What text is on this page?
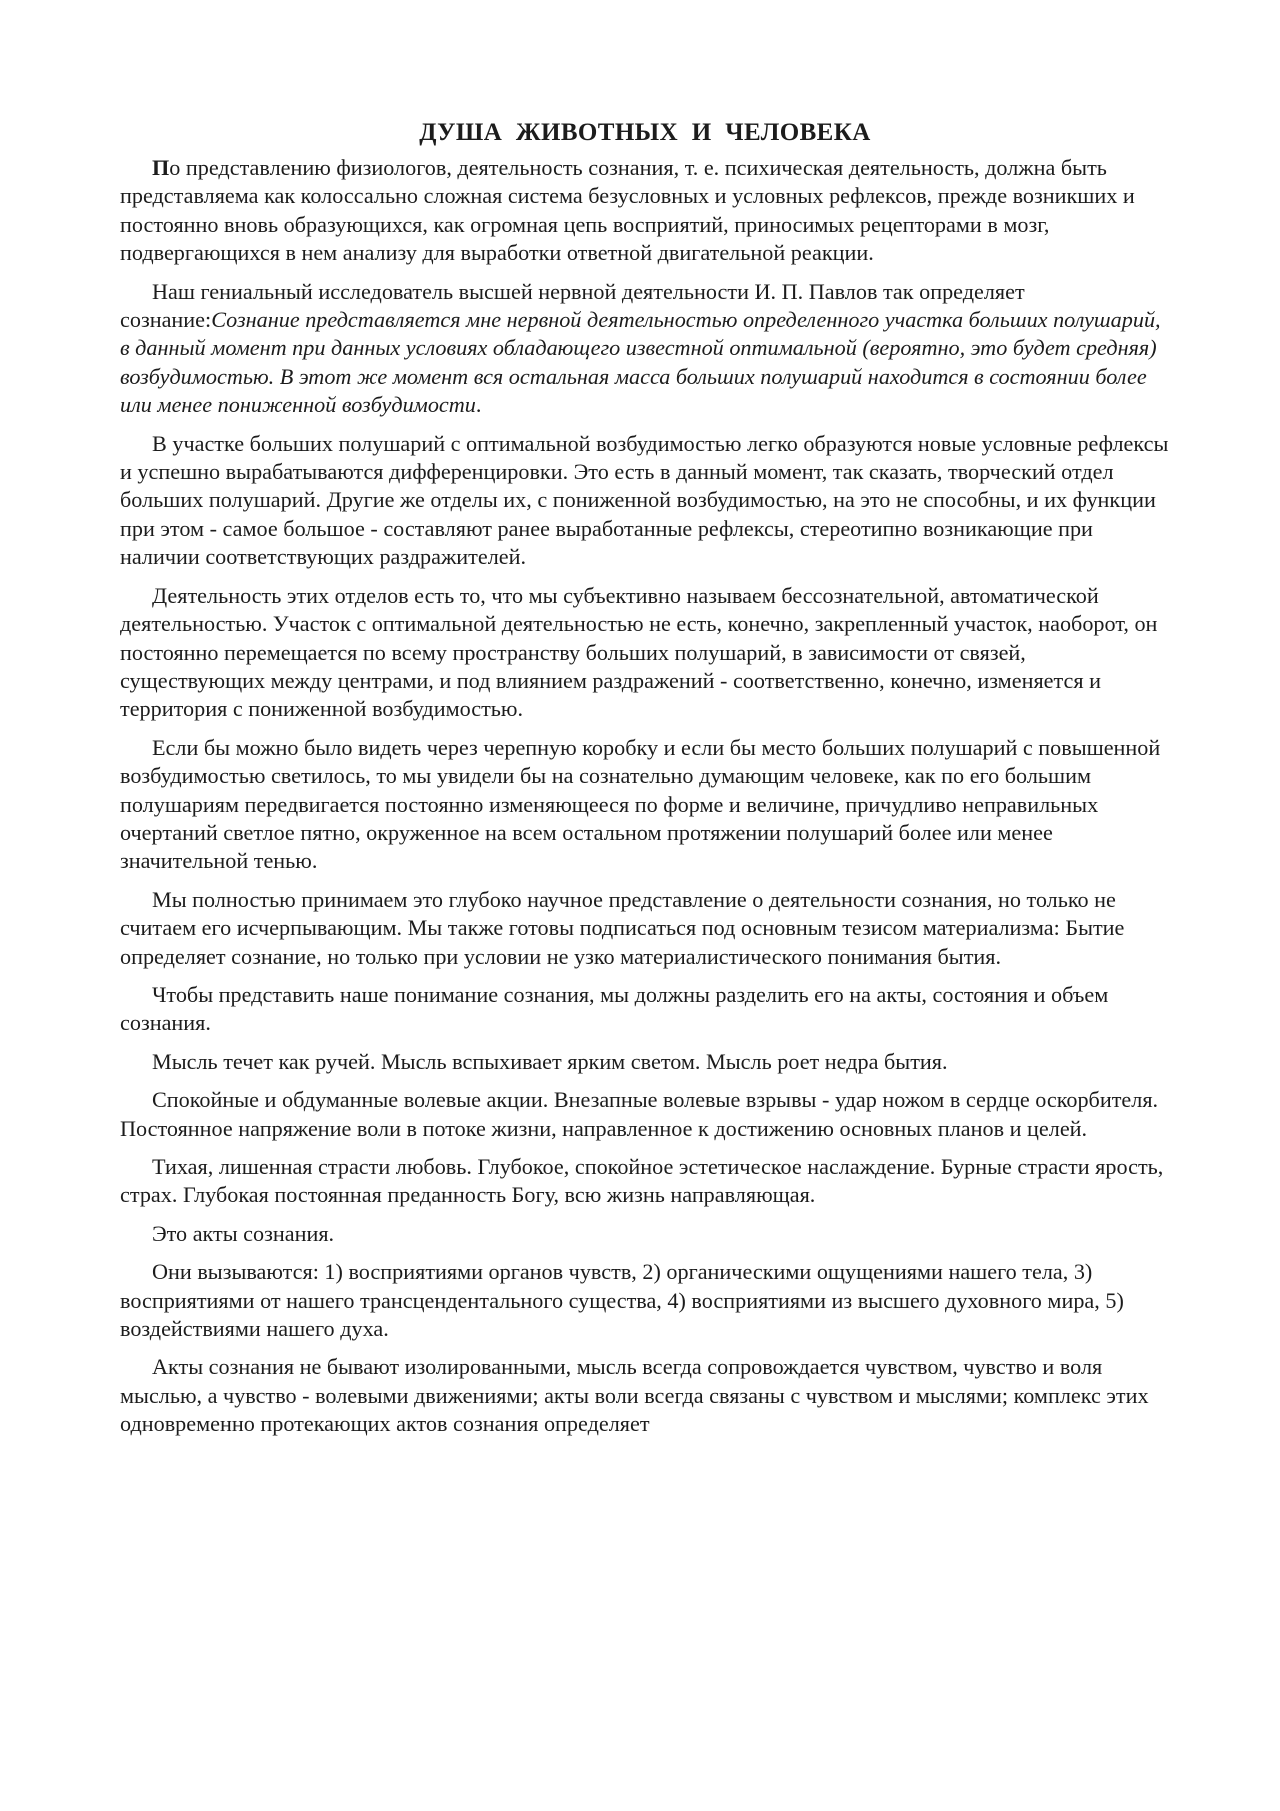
ДУША ЖИВОТНЫХ И ЧЕЛОВЕКА

По представлению физиологов, деятельность сознания, т. е. психическая деятельность, должна быть представляема как колоссально сложная система безусловных и условных рефлексов, прежде возникших и постоянно вновь образующихся, как огромная цепь восприятий, приносимых рецепторами в мозг, подвергающихся в нем анализу для выработки ответной двигательной реакции.

Наш гениальный исследователь высшей нервной деятельности И. П. Павлов так определяет сознание:Сознание представляется мне нервной деятельностью определенного участка больших полушарий, в данный момент при данных условиях обладающего известной оптимальной (вероятно, это будет средняя) возбудимостью. В этот же момент вся остальная масса больших полушарий находится в состоянии более или менее пониженной возбудимости.

В участке больших полушарий с оптимальной возбудимостью легко образуются новые условные рефлексы и успешно вырабатываются дифференцировки. Это есть в данный момент, так сказать, творческий отдел больших полушарий. Другие же отделы их, с пониженной возбудимостью, на это не способны, и их функции при этом - самое большое - составляют ранее выработанные рефлексы, стереотипно возникающие при наличии соответствующих раздражителей.

Деятельность этих отделов есть то, что мы субъективно называем бессознательной, автоматической деятельностью. Участок с оптимальной деятельностью не есть, конечно, закрепленный участок, наоборот, он постоянно перемещается по всему пространству больших полушарий, в зависимости от связей, существующих между центрами, и под влиянием раздражений - соответственно, конечно, изменяется и территория с пониженной возбудимостью.

Если бы можно было видеть через черепную коробку и если бы место больших полушарий с повышенной возбудимостью светилось, то мы увидели бы на сознательно думающим человеке, как по его большим полушариям передвигается постоянно изменяющееся по форме и величине, причудливо неправильных очертаний светлое пятно, окруженное на всем остальном протяжении полушарий более или менее значительной тенью.

Мы полностью принимаем это глубоко научное представление о деятельности сознания, но только не считаем его исчерпывающим. Мы также готовы подписаться под основным тезисом материализма: Бытие определяет сознание, но только при условии не узко материалистического понимания бытия.

Чтобы представить наше понимание сознания, мы должны разделить его на акты, состояния и объем сознания.

Мысль течет как ручей. Мысль вспыхивает ярким светом. Мысль роет недра бытия.

Спокойные и обдуманные волевые акции. Внезапные волевые взрывы - удар ножом в сердце оскорбителя. Постоянное напряжение воли в потоке жизни, направленное к достижению основных планов и целей.

Тихая, лишенная страсти любовь. Глубокое, спокойное эстетическое наслаждение. Бурные страсти ярость, страх. Глубокая постоянная преданность Богу, всю жизнь направляющая.

Это акты сознания.

Они вызываются: 1) восприятиями органов чувств, 2) органическими ощущениями нашего тела, 3) восприятиями от нашего трансцендентального существа, 4) восприятиями из высшего духовного мира, 5) воздействиями нашего духа.

Акты сознания не бывают изолированными, мысль всегда сопровождается чувством, чувство и воля мыслью, а чувство - волевыми движениями; акты воли всегда связаны с чувством и мыслями; комплекс этих одновременно протекающих актов сознания определяет
